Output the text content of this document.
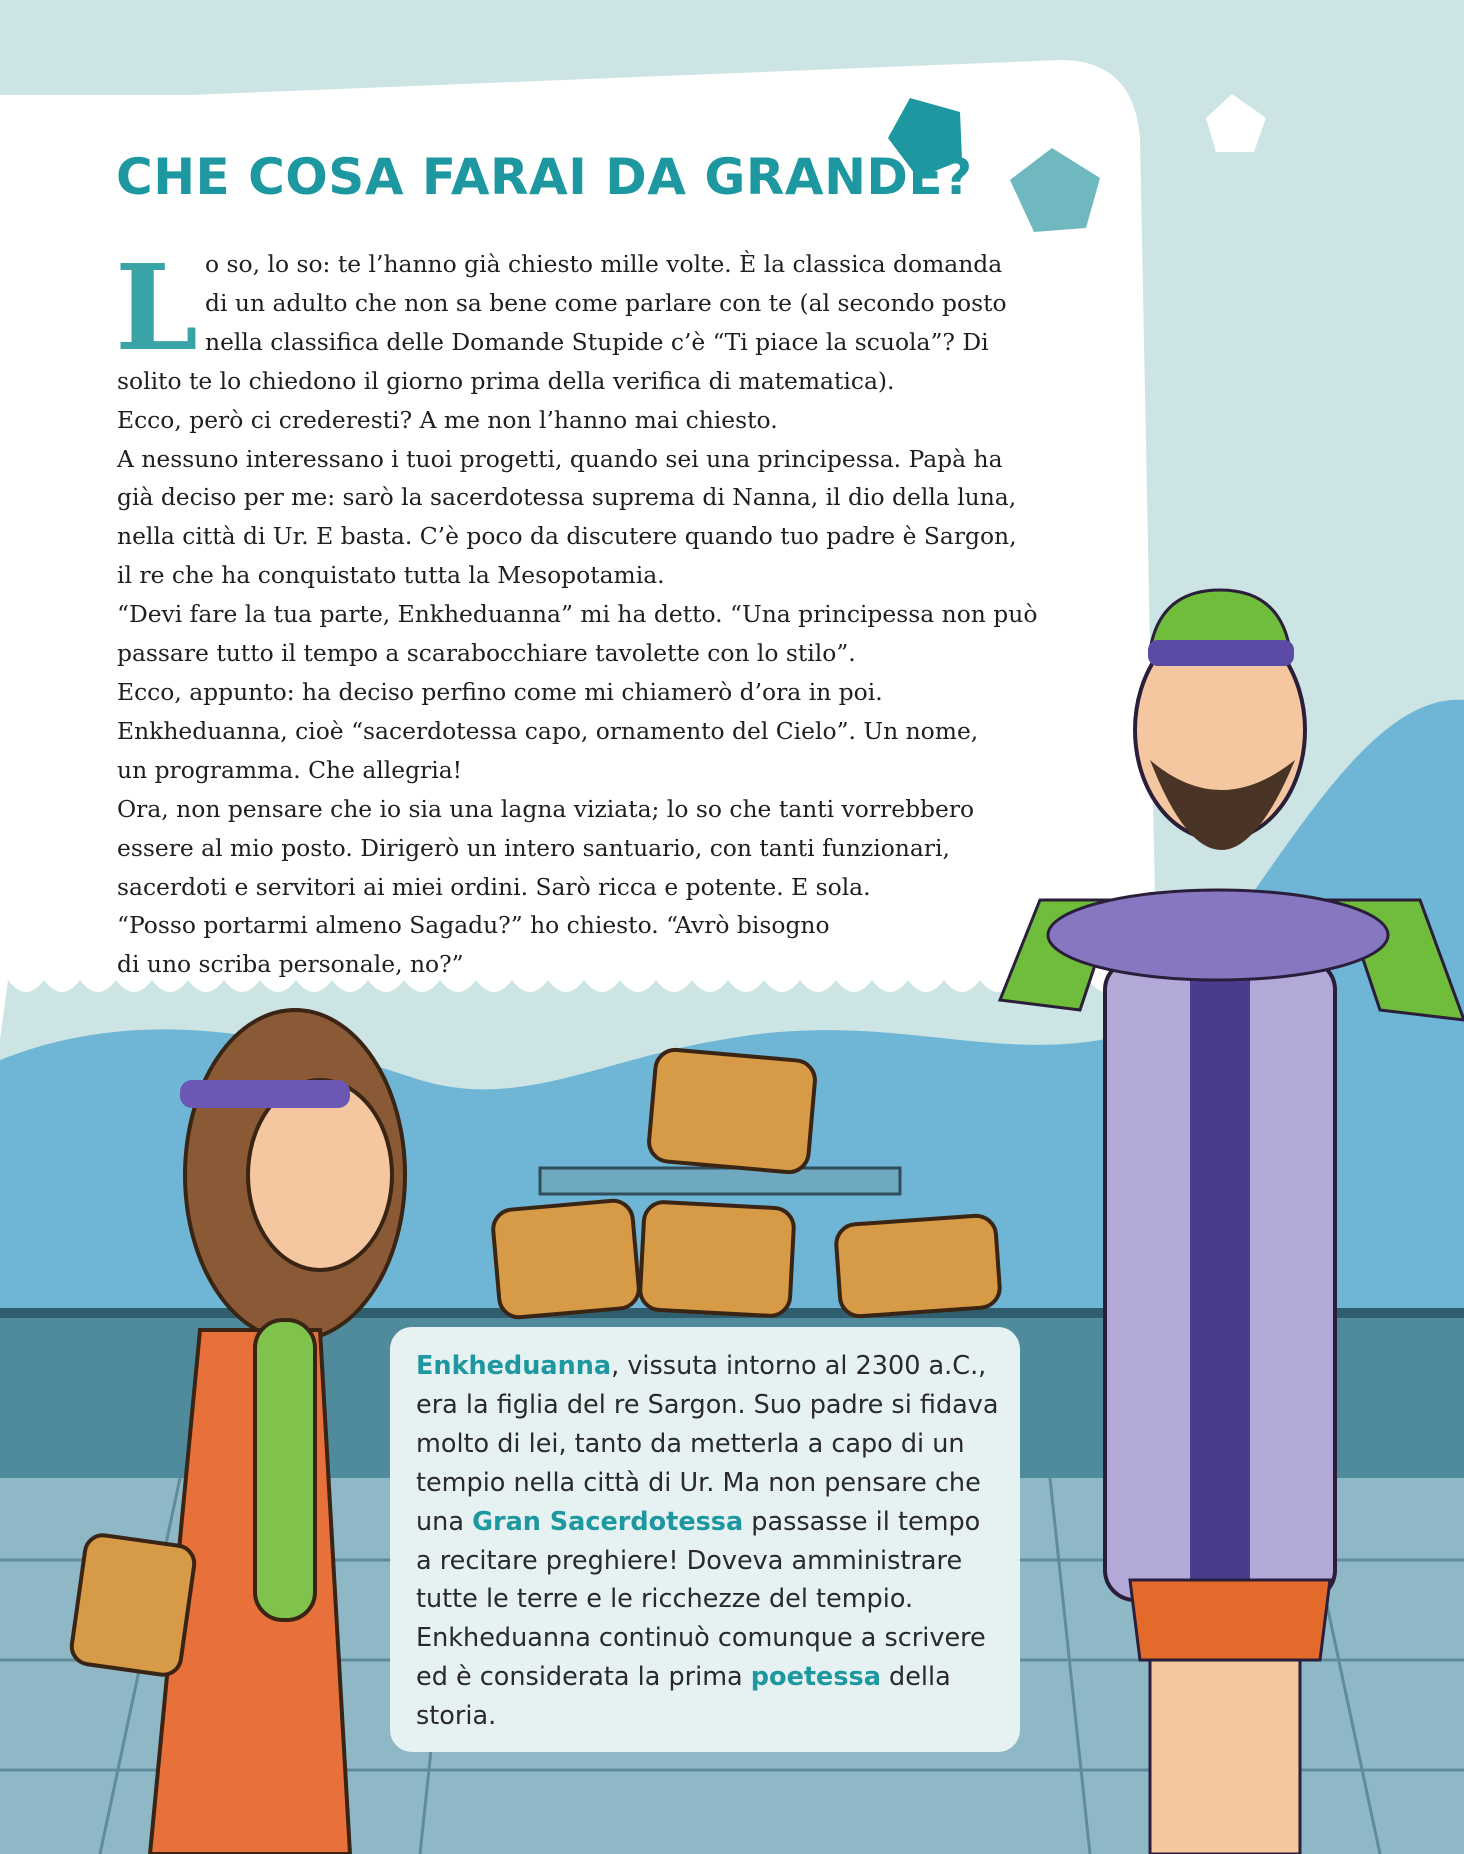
CHE COSA FARAI DA GRANDE?
L o so, lo so: te l’hanno già chiesto mille volte. È la classica domanda
di un adulto che non sa bene come parlare con te (al secondo posto
nella classifica delle Domande Stupide c’è “Ti piace la scuola”? Di
solito te lo chiedono il giorno prima della verifica di matematica).
Ecco, però ci crederesti? A me non l’hanno mai chiesto.
A nessuno interessano i tuoi progetti, quando sei una principessa. Papà ha
già deciso per me: sarò la sacerdotessa suprema di Nanna, il dio della luna,
nella città di Ur. E basta. C’è poco da discutere quando tuo padre è Sargon,
il re che ha conquistato tutta la Mesopotamia.
“Devi fare la tua parte, Enkheduanna” mi ha detto. “Una principessa non può
passare tutto il tempo a scarabocchiare tavolette con lo stilo”.
Ecco, appunto: ha deciso perfino come mi chiamerò d’ora in poi.
Enkheduanna, cioè “sacerdotessa capo, ornamento del Cielo”. Un nome,
un programma. Che allegria!
Ora, non pensare che io sia una lagna viziata; lo so che tanti vorrebbero
essere al mio posto. Dirigerò un intero santuario, con tanti funzionari,
sacerdoti e servitori ai miei ordini. Sarò ricca e potente. E sola.
“Posso portarmi almeno Sagadu?” ho chiesto. “Avrò bisogno
di uno scriba personale, no?”
Enkheduanna, vissuta intorno al 2300 a.C.,
era la figlia del re Sargon. Suo padre si fidava
molto di lei, tanto da metterla a capo di un
tempio nella città di Ur. Ma non pensare che
una Gran Sacerdotessa passasse il tempo
a recitare preghiere! Doveva amministrare
tutte le terre e le ricchezze del tempio.
Enkheduanna continuò comunque a scrivere
ed è considerata la prima poetessa della
storia.
